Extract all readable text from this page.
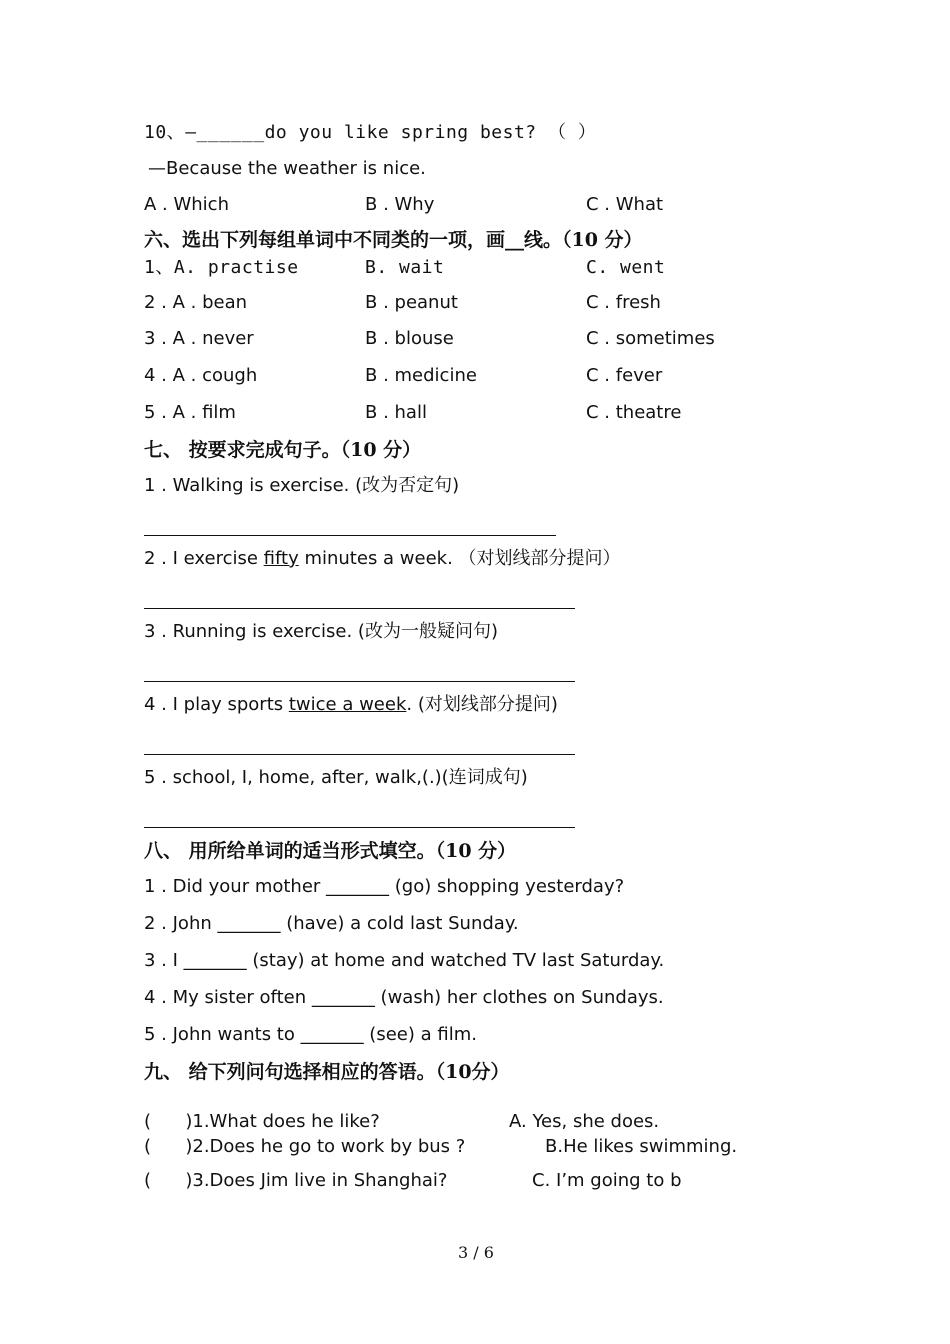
10、—______do you like spring best? （ ）
—Because the weather is nice.
A . Which	B . Why	C . What
六、选出下列每组单词中不同类的一项，画__线。（10 分）
1、A. practise	B. wait	C. went
2 . A . bean	B . peanut	C . fresh
3 . A . never	B . blouse	C . sometimes
4 . A . cough	B . medicine	C . fever
5 . A . film	B . hall	C . theatre
七、 按要求完成句子。（10 分）
1 . Walking is exercise. (改为否定句)
2 . I exercise fifty minutes a week. （对划线部分提问）
3 . Running is exercise. (改为一般疑问句)
4 . I play sports twice a week. (对划线部分提问)
5 . school, I, home, after, walk,(.)(连词成句)
八、 用所给单词的适当形式填空。（10 分）
1 . Did your mother _______ (go) shopping yesterday?
2 . John _______ (have) a cold last Sunday.
3 . I _______ (stay) at home and watched TV last Saturday.
4 . My sister often _______ (wash) her clothes on Sundays.
5 . John wants to _______ (see) a film.
九、 给下列问句选择相应的答语。（10分）
(      )1.What does he like?	A. Yes, she does.
(      )2.Does he go to work by bus ?	B.He likes swimming.
(      )3.Does Jim live in Shanghai?	C. I’m going to b
3 / 6
